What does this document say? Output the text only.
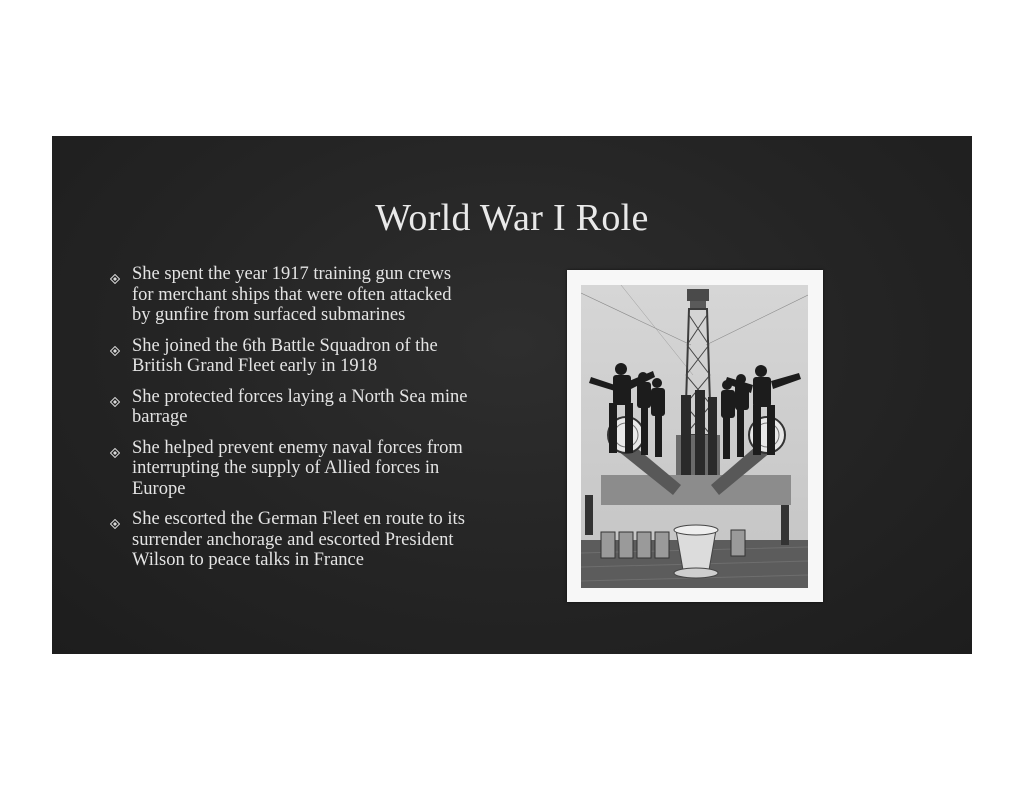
World War I Role
She spent the year 1917 training gun crews for merchant ships that were often attacked by gunfire from surfaced submarines
She joined the 6th Battle Squadron of the British Grand Fleet early in 1918
She protected forces laying a North Sea mine barrage
She helped prevent enemy naval forces from interrupting the supply of Allied forces in Europe
She escorted the German Fleet en route to its surrender anchorage and escorted President Wilson to peace talks in France
